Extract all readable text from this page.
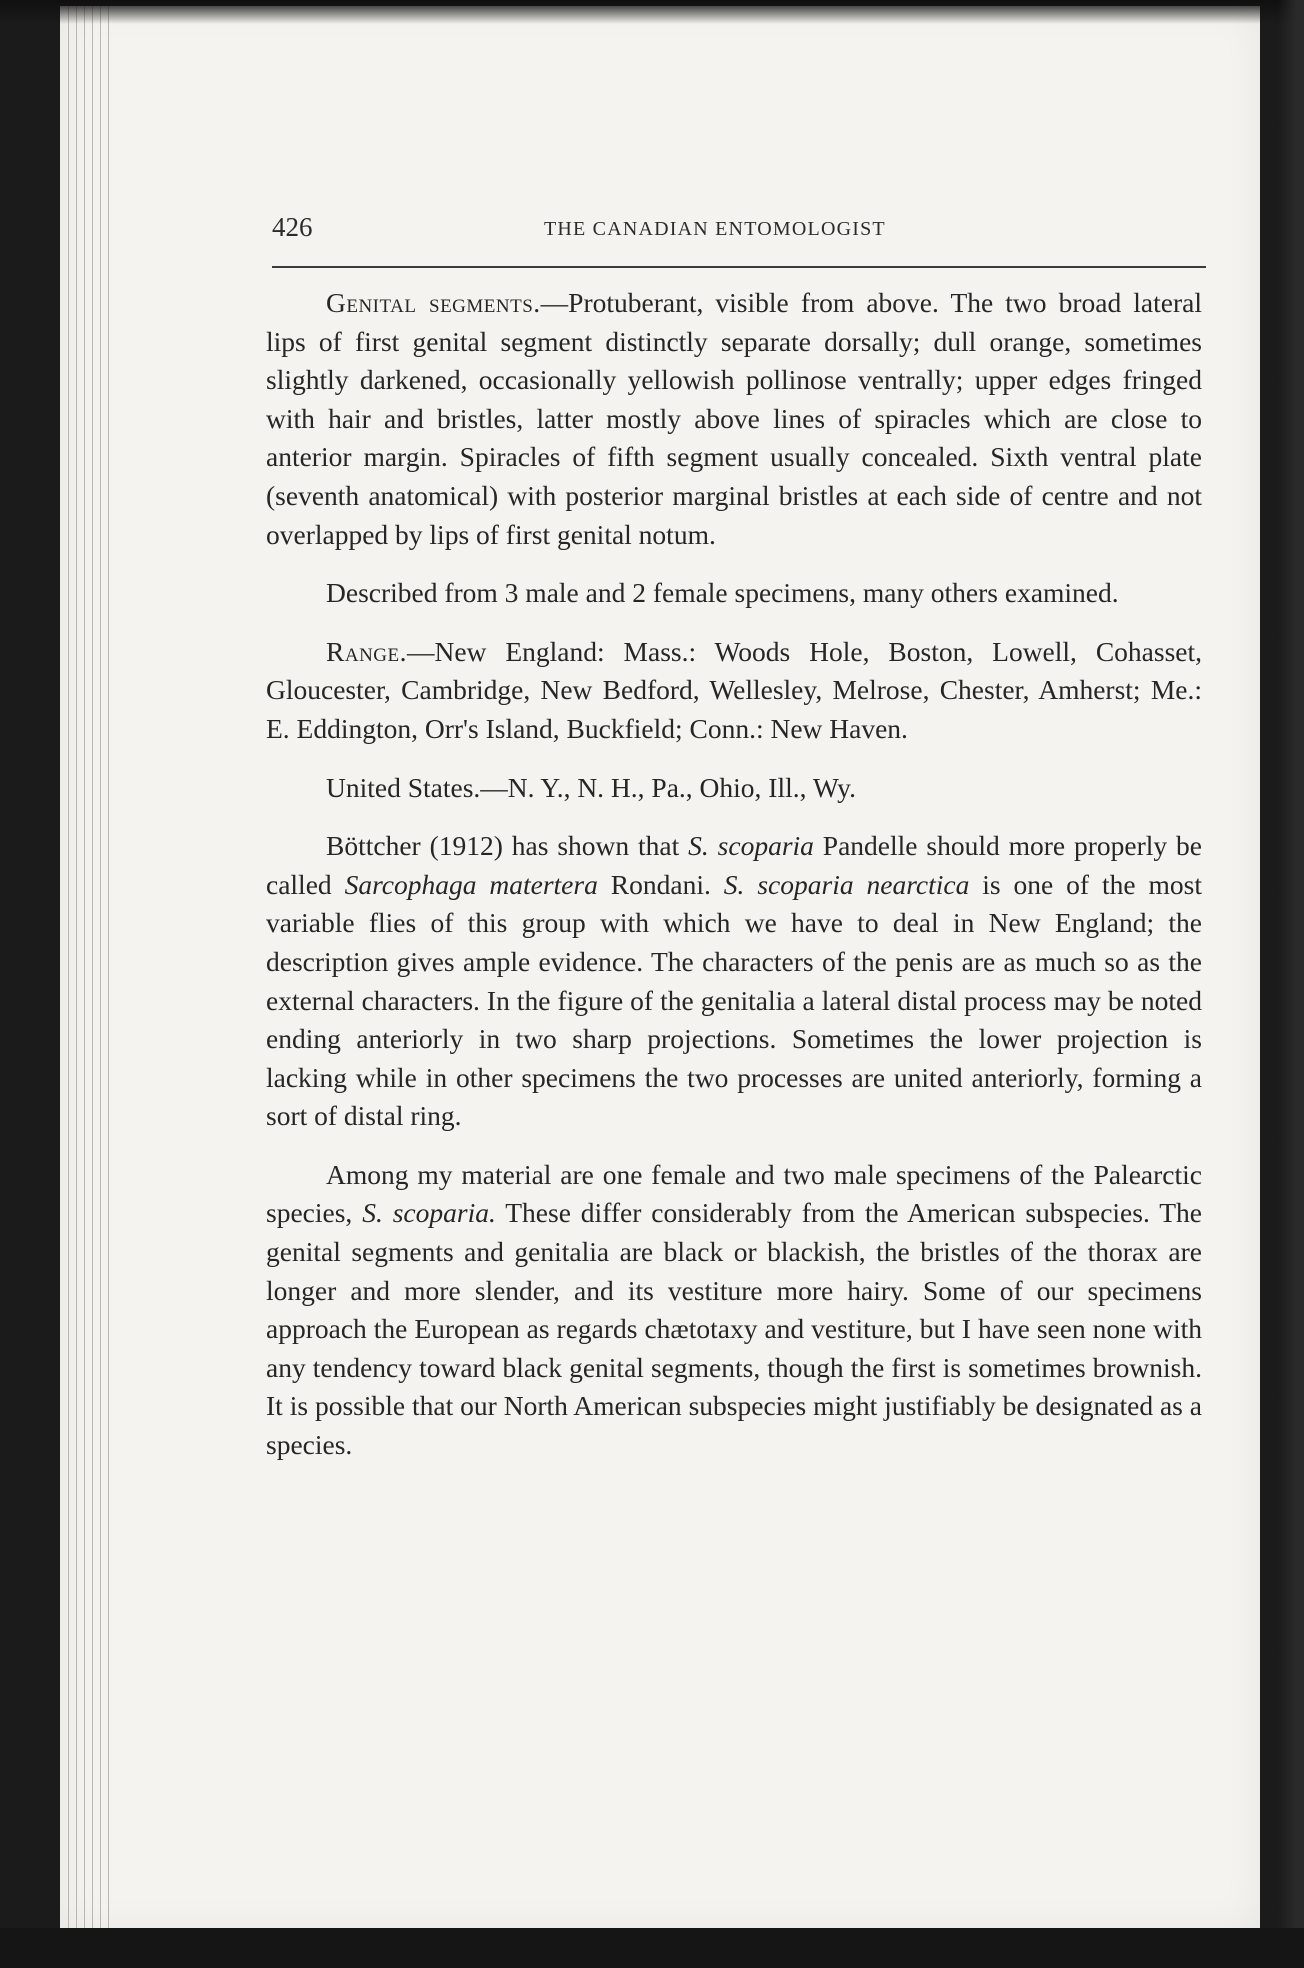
426	THE CANADIAN ENTOMOLOGIST

Genital segments.—Protuberant, visible from above. The two broad lateral lips of first genital segment distinctly separate dorsally; dull orange, sometimes slightly darkened, occasionally yellowish pollinose ventrally; upper edges fringed with hair and bristles, latter mostly above lines of spiracles which are close to anterior margin. Spiracles of fifth segment usually concealed. Sixth ventral plate (seventh anatomical) with posterior marginal bristles at each side of centre and not overlapped by lips of first genital notum.

Described from 3 male and 2 female specimens, many others examined.

Range.—New England: Mass.: Woods Hole, Boston, Lowell, Cohasset, Gloucester, Cambridge, New Bedford, Wellesley, Melrose, Chester, Amherst; Me.: E. Eddington, Orr's Island, Buckfield; Conn.: New Haven.

United States.—N. Y., N. H., Pa., Ohio, Ill., Wy.

Böttcher (1912) has shown that S. scoparia Pandelle should more properly be called Sarcophaga matertera Rondani. S. scoparia nearctica is one of the most variable flies of this group with which we have to deal in New England; the description gives ample evidence. The characters of the penis are as much so as the external characters. In the figure of the genitalia a lateral distal process may be noted ending anteriorly in two sharp projections. Sometimes the lower projection is lacking while in other specimens the two processes are united anteriorly, forming a sort of distal ring.

Among my material are one female and two male specimens of the Palearctic species, S. scoparia. These differ considerably from the American subspecies. The genital segments and genitalia are black or blackish, the bristles of the thorax are longer and more slender, and its vestiture more hairy. Some of our specimens approach the European as regards chætotaxy and vestiture, but I have seen none with any tendency toward black genital segments, though the first is sometimes brownish. It is possible that our North American subspecies might justifiably be designated as a species.
